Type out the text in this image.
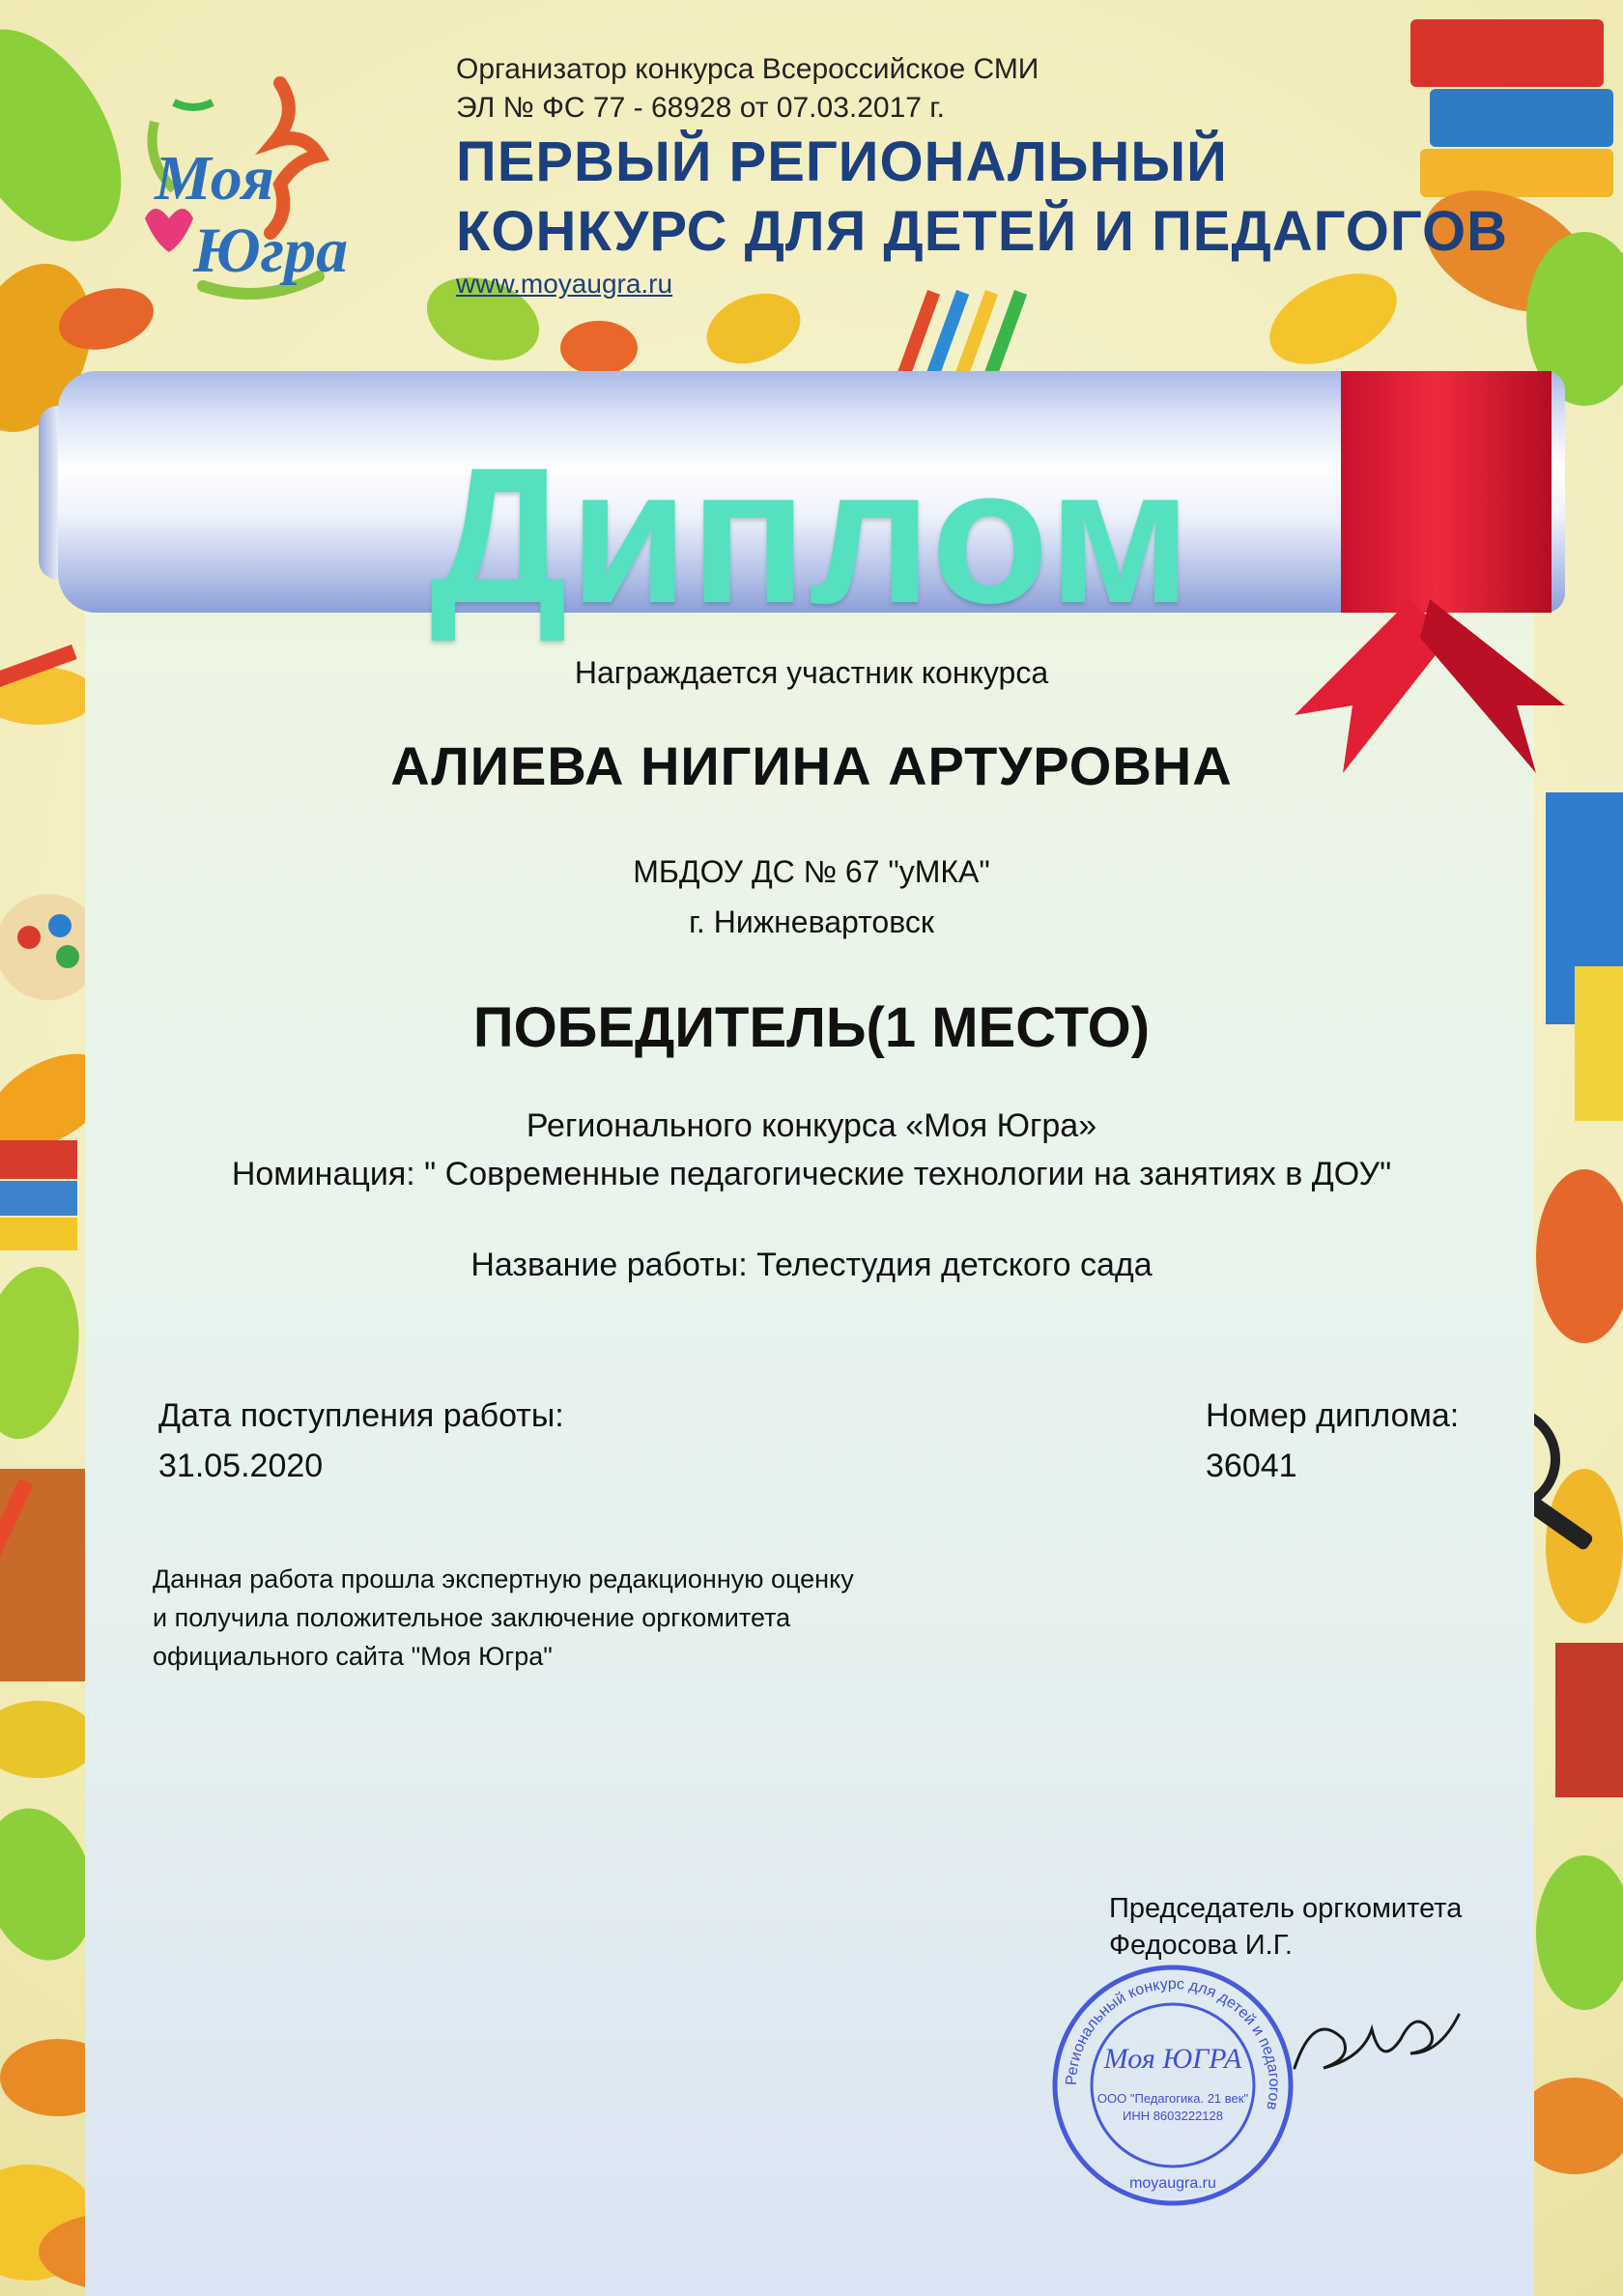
Моя
Югра
Организатор конкурса Всероссийское СМИ
ЭЛ № ФС 77 - 68928 от 07.03.2017 г.
ПЕРВЫЙ РЕГИОНАЛЬНЫЙ
КОНКУРС ДЛЯ ДЕТЕЙ И ПЕДАГОГОВ
www.moyaugra.ru
Диплом
Награждается участник конкурса
АЛИЕВА НИГИНА АРТУРОВНА
МБДОУ ДС № 67 "уМКА"
г. Нижневартовск
ПОБЕДИТЕЛЬ(1 МЕСТО)
Регионального конкурса «Моя Югра»
Номинация: " Современные педагогические технологии на занятиях в ДОУ"
Название работы: Телестудия детского сада
Дата поступления работы:
31.05.2020
Номер диплома:
36041
Данная работа прошла экспертную редакционную оценку
и получила положительное заключение оргкомитета
официального сайта "Моя Югра"
Председатель оргкомитета
Федосова И.Г.
Региональный конкурс для детей и педагогов
Моя ЮГРА
ООО "Педагогика. 21 век"
ИНН 8603222128
moyaugra.ru
